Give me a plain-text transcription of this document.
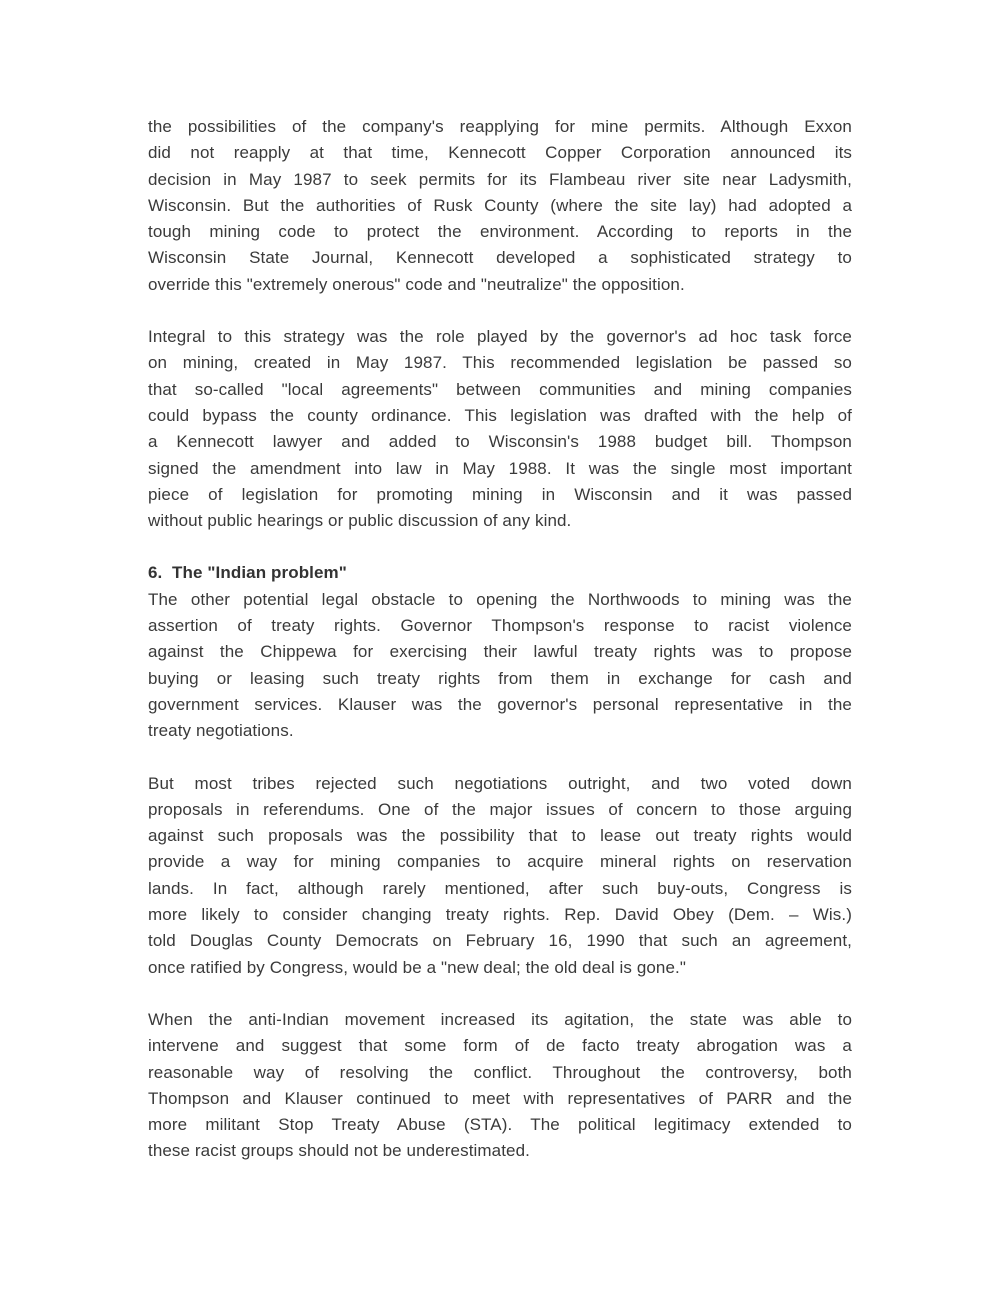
the possibilities of the company's reapplying for mine permits. Although Exxon
did not reapply at that time, Kennecott Copper Corporation announced its
decision in May 1987 to seek permits for its Flambeau river site near Ladysmith,
Wisconsin. But the authorities of Rusk County (where the site lay) had adopted a
tough mining code to protect the environment. According to reports in the
Wisconsin State Journal, Kennecott developed a sophisticated strategy to
override this "extremely onerous" code and "neutralize" the opposition.
Integral to this strategy was the role played by the governor's ad hoc task force
on mining, created in May 1987. This recommended legislation be passed so
that so-called "local agreements" between communities and mining companies
could bypass the county ordinance. This legislation was drafted with the help of
a Kennecott lawyer and added to Wisconsin's 1988 budget bill. Thompson
signed the amendment into law in May 1988. It was the single most important
piece of legislation for promoting mining in Wisconsin and it was passed
without public hearings or public discussion of any kind.
6.  The "Indian problem"
The other potential legal obstacle to opening the Northwoods to mining was the
assertion of treaty rights. Governor Thompson's response to racist violence
against the Chippewa for exercising their lawful treaty rights was to propose
buying or leasing such treaty rights from them in exchange for cash and
government services. Klauser was the governor's personal representative in the
treaty negotiations.
But most tribes rejected such negotiations outright, and two voted down
proposals in referendums. One of the major issues of concern to those arguing
against such proposals was the possibility that to lease out treaty rights would
provide a way for mining companies to acquire mineral rights on reservation
lands. In fact, although rarely mentioned, after such buy-outs, Congress is
more likely to consider changing treaty rights. Rep. David Obey (Dem. – Wis.)
told Douglas County Democrats on February 16, 1990 that such an agreement,
once ratified by Congress, would be a "new deal; the old deal is gone."
When the anti-Indian movement increased its agitation, the state was able to
intervene and suggest that some form of de facto treaty abrogation was a
reasonable way of resolving the conflict. Throughout the controversy, both
Thompson and Klauser continued to meet with representatives of PARR and the
more militant Stop Treaty Abuse (STA). The political legitimacy extended to
these racist groups should not be underestimated.
